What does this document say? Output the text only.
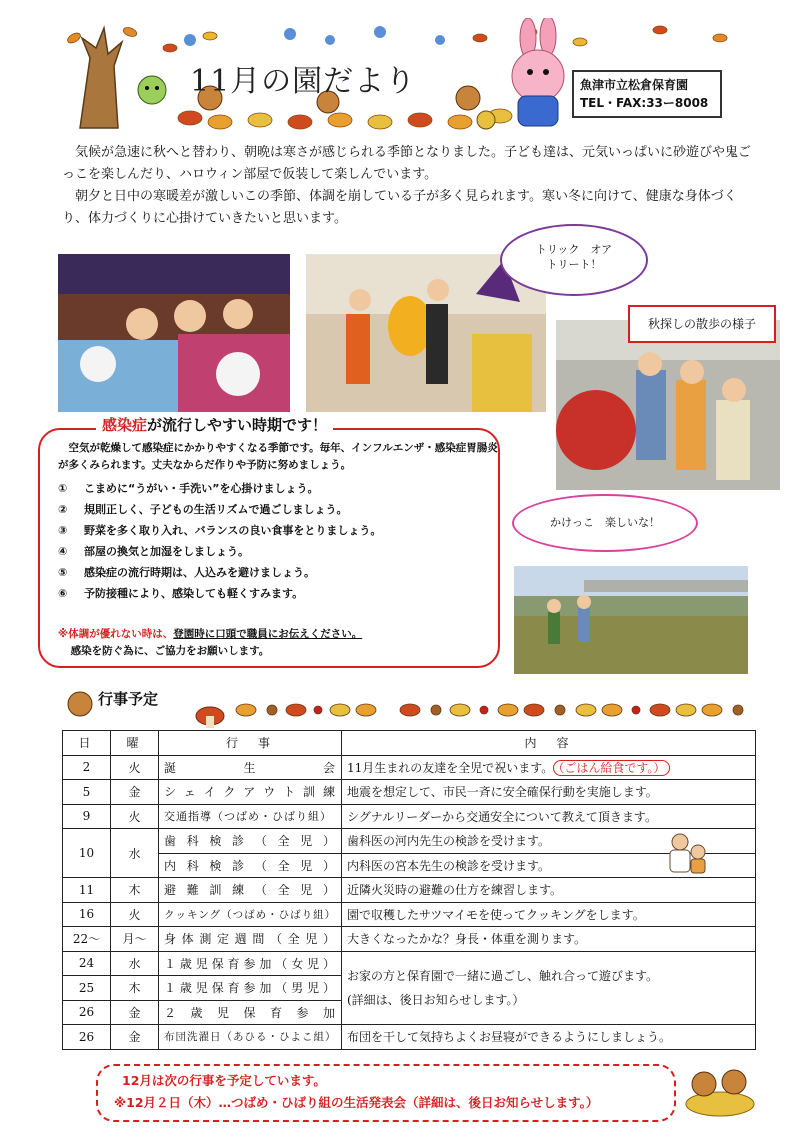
11月の園だより	魚津市立松倉保育園
TEL・FAX:33ー8008

気候が急速に秋へと替わり、朝晩は寒さが感じられる季節となりました。子ども達は、元気いっぱいに砂遊びや鬼ごっこを楽しんだり、ハロウィン部屋で仮装して楽しんでいます。

朝夕と日中の寒暖差が激しいこの季節、体調を崩している子が多く見られます。寒い冬に向けて、健康な身体づくり、体力づくりに心掛けていきたいと思います。

トリック　オア
トリート！
秋探しの散歩の様子
かけっこ　楽しいな！
感染症が流行しやすい時期です！

空気が乾燥して感染症にかかりやすくなる季節です。毎年、インフルエンザ・感染症胃腸炎が多くみられます。丈夫なからだ作りや予防に努めましょう。

①	こまめに“うがい・手洗い”を心掛けましょう。
②	規則正しく、子どもの生活リズムで過ごしましょう。
③	野菜を多く取り入れ、バランスの良い食事をとりましょう。
④	部屋の換気と加湿をしましょう。
⑤	感染症の流行時期は、人込みを避けましょう。
⑥	予防接種により、感染しても軽くすみます。
※体調が優れない時は、登園時に口頭で職員にお伝えください。
感染を防ぐ為に、ご協力をお願いします。
行事予定
日	曜	行　事	内　容
2	火	誕　　生　　会	11月生まれの友達を全児で祝います。 （ごはん給食です。）
5	金	シェイクアウト訓練	地震を想定して、市民一斉に安全確保行動を実施します。
9	火	交通指導（つばめ・ひばり組）	シグナルリーダーから交通安全について教えて頂きます。
10	水	歯科検診（全児）	歯科医の河内先生の検診を受けます。
		内科検診（全児）	内科医の宮本先生の検診を受けます。
11	木	避難訓練（全児）	近隣火災時の避難の仕方を練習します。
16	火	クッキング（つばめ・ひばり組）	園で収穫したサツマイモを使ってクッキングをします。
22～	月～	身体測定週間（全児）	大きくなったかな？身長・体重を測ります。
24	水	１歳児保育参加（女児）	お家の方と保育園で一緒に過ごし、触れ合って遊びます。
(詳細は、後日お知らせします。）

25	木	１歳児保育参加（男児）	
26	金	２　歳　児　保　育　参　加	
26	金	布団洗濯日（あひる・ひよこ組）	布団を干して気持ちよくお昼寝ができるようにしましょう。
12月は次の行事を予定しています。
※12月２日（木）…つばめ・ひばり組の生活発表会（詳細は、後日お知らせします。）
